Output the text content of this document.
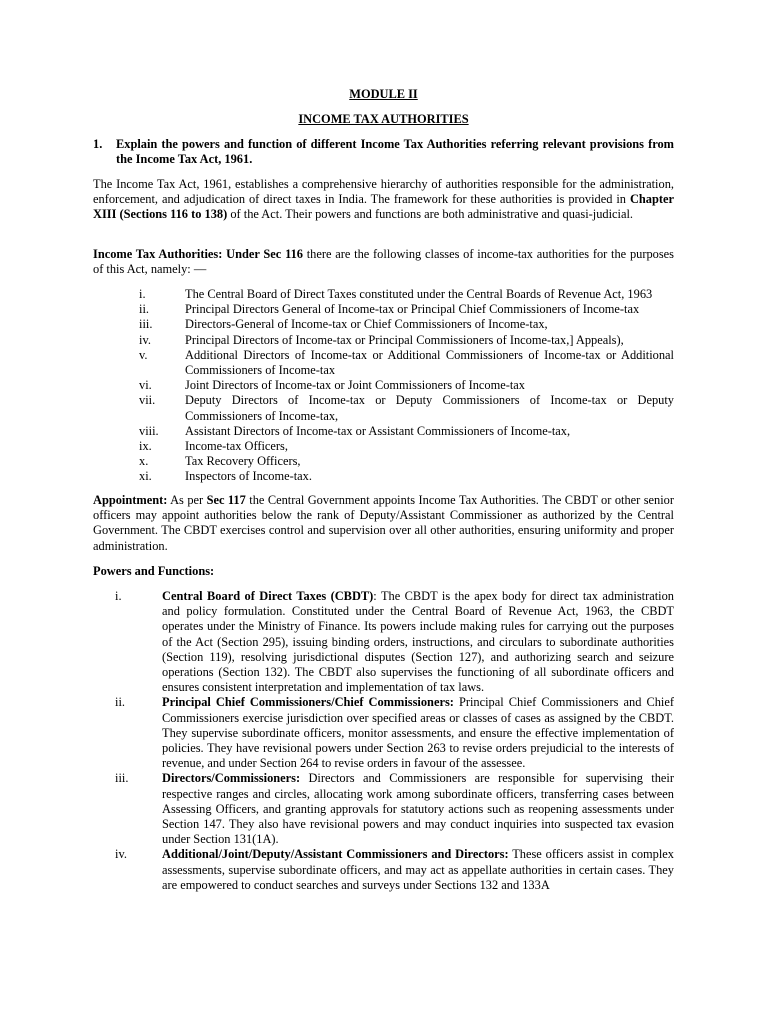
MODULE II
INCOME TAX AUTHORITIES
1. Explain the powers and function of different Income Tax Authorities referring relevant provisions from the Income Tax Act, 1961.
The Income Tax Act, 1961, establishes a comprehensive hierarchy of authorities responsible for the administration, enforcement, and adjudication of direct taxes in India. The framework for these authorities is provided in Chapter XIII (Sections 116 to 138) of the Act. Their powers and functions are both administrative and quasi-judicial.
Income Tax Authorities: Under Sec 116 there are the following classes of income-tax authorities for the purposes of this Act, namely: —
i.	The Central Board of Direct Taxes constituted under the Central Boards of Revenue Act, 1963
ii.	Principal Directors General of Income-tax or Principal Chief Commissioners of Income-tax
iii.	Directors-General of Income-tax or Chief Commissioners of Income-tax,
iv.	Principal Directors of Income-tax or Principal Commissioners of Income-tax,] Appeals),
v.	Additional Directors of Income-tax or Additional Commissioners of Income-tax or Additional Commissioners of Income-tax
vi.	Joint Directors of Income-tax or Joint Commissioners of Income-tax
vii. Deputy Directors of Income-tax or Deputy Commissioners of Income-tax or Deputy Commissioners of Income-tax,
viii. Assistant Directors of Income-tax or Assistant Commissioners of Income-tax,
ix.	Income-tax Officers,
x.	Tax Recovery Officers,
xi.	Inspectors of Income-tax.
Appointment: As per Sec 117 the Central Government appoints Income Tax Authorities. The CBDT or other senior officers may appoint authorities below the rank of Deputy/Assistant Commissioner as authorized by the Central Government. The CBDT exercises control and supervision over all other authorities, ensuring uniformity and proper administration.
Powers and Functions:
i.	Central Board of Direct Taxes (CBDT): The CBDT is the apex body for direct tax administration and policy formulation. Constituted under the Central Board of Revenue Act, 1963, the CBDT operates under the Ministry of Finance. Its powers include making rules for carrying out the purposes of the Act (Section 295), issuing binding orders, instructions, and circulars to subordinate authorities (Section 119), resolving jurisdictional disputes (Section 127), and authorizing search and seizure operations (Section 132). The CBDT also supervises the functioning of all subordinate officers and ensures consistent interpretation and implementation of tax laws.
ii.	Principal Chief Commissioners/Chief Commissioners: Principal Chief Commissioners and Chief Commissioners exercise jurisdiction over specified areas or classes of cases as assigned by the CBDT. They supervise subordinate officers, monitor assessments, and ensure the effective implementation of policies. They have revisional powers under Section 263 to revise orders prejudicial to the interests of revenue, and under Section 264 to revise orders in favour of the assessee.
iii.	Directors/Commissioners: Directors and Commissioners are responsible for supervising their respective ranges and circles, allocating work among subordinate officers, transferring cases between Assessing Officers, and granting approvals for statutory actions such as reopening assessments under Section 147. They also have revisional powers and may conduct inquiries into suspected tax evasion under Section 131(1A).
iv.	Additional/Joint/Deputy/Assistant Commissioners and Directors: These officers assist in complex assessments, supervise subordinate officers, and may act as appellate authorities in certain cases. They are empowered to conduct searches and surveys under Sections 132 and 133A
